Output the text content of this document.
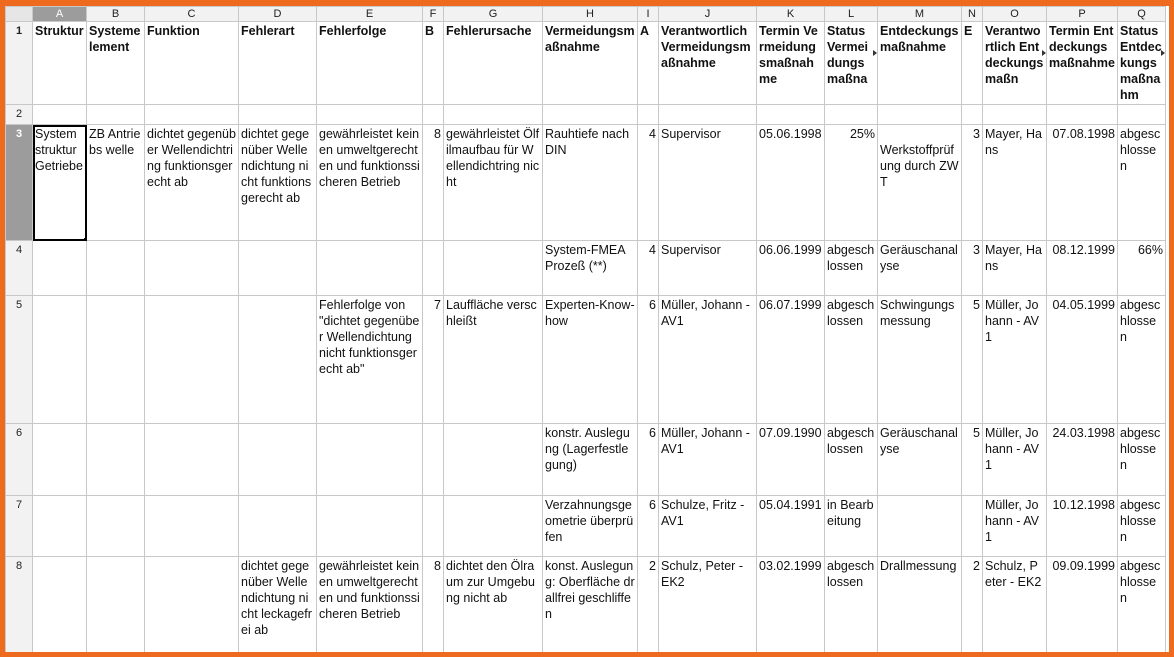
	A	B	C	D	E	F	G	H	I	J	K	L	M	N	O	P	Q
1	Struktur	Systemelement	Funktion	Fehlerart	Fehlerfolge	B	Fehlerursache	Vermeidungsmaßnahme	A	Verantwortlich Vermeidungsmaßnahme	Termin Vermeidungsmaßnahme	Status Vermeidungsmaßna	Entdeckungsmaßnahme	E	Verantwortlich Entdeckungsmaßn	Termin Entdeckungsmaßnahme	Status Entdeckungsmaßnahm
2																	
3	System struktur Getriebe	ZB Antriebs welle	dichtet gegenüber Wellendichtring funktionsgerecht ab	dichtet gegenüber Wellendichtung nicht funktionsgerecht ab	gewährleistet keinen umweltgerechten und funktionssicheren Betrieb	8	gewährleistet Ölfilmaufbau für Wellendichtring nicht	Rauhtiefe nach DIN	4	Supervisor	05.06.1998	25%	Werkstoffprüfung durch ZWT	3	Mayer, Hans	07.08.1998	abgeschlossen
4								System-FMEA Prozeß (**)	4	Supervisor	06.06.1999	abgeschlossen	Geräuschanalyse	3	Mayer, Hans	08.12.1999	66%
5					Fehlerfolge von "dichtet gegenüber Wellendichtung nicht funktionsgerecht ab"	7	Lauffläche verschleißt	Experten-Know-how	6	Müller, Johann - AV1	06.07.1999	abgeschlossen	Schwingungsmessung	5	Müller, Johann - AV1	04.05.1999	abgeschlossen
6								konstr. Auslegung (Lagerfestlegung)	6	Müller, Johann - AV1	07.09.1990	abgeschlossen	Geräuschanalyse	5	Müller, Johann - AV1	24.03.1998	abgeschlossen
7								Verzahnungsgeometrie überprüfen	6	Schulze, Fritz - AV1	05.04.1991	in Bearbeitung			Müller, Johann - AV1	10.12.1998	abgeschlossen
8				dichtet gegenüber Wellendichtung nicht leckagefrei ab	gewährleistet keinen umweltgerechten und funktionssicheren Betrieb	8	dichtet den Ölraum zur Umgebung nicht ab	konst. Auslegung: Oberfläche drallfrei geschliffen	2	Schulz, Peter - EK2	03.02.1999	abgeschlossen	Drallmessung	2	Schulz, Peter - EK2	09.09.1999	abgeschlossen
